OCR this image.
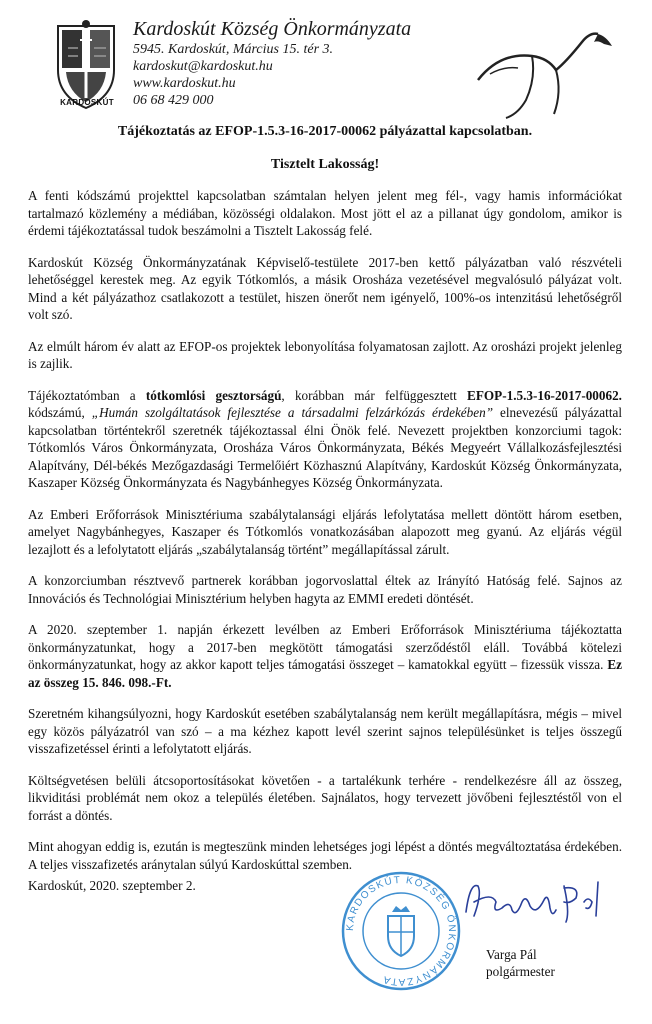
KARDOSKÚT
Kardoskút Község Önkormányzata
5945. Kardoskút, Március 15. tér 3.
kardoskut@kardoskut.hu
www.kardoskut.hu
06 68 429 000
Tájékoztatás az EFOP-1.5.3-16-2017-00062 pályázattal kapcsolatban.
Tisztelt Lakosság!

A fenti kódszámú projekttel kapcsolatban számtalan helyen jelent meg fél-, vagy hamis információkat tartalmazó közlemény a médiában, közösségi oldalakon. Most jött el az a pillanat úgy gondolom, amikor is érdemi tájékoztatással tudok beszámolni a Tisztelt Lakosság felé.

Kardoskút Község Önkormányzatának Képviselő-testülete 2017-ben kettő pályázatban való részvételi lehetőséggel kerestek meg. Az egyik Tótkomlós, a másik Orosháza vezetésével megvalósuló pályázat volt. Mind a két pályázathoz csatlakozott a testület, hiszen önerőt nem igényelő, 100%-os intenzitású lehetőségről volt szó.

Az elmúlt három év alatt az EFOP-os projektek lebonyolítása folyamatosan zajlott. Az orosházi projekt jelenleg is zajlik.

Tájékoztatómban a tótkomlósi gesztorságú, korábban már felfüggesztett EFOP-1.5.3-16-2017-00062. kódszámú, „Humán szolgáltatások fejlesztése a társadalmi felzárkózás érdekében” elnevezésű pályázattal kapcsolatban történtekről szeretnék tájékoztassal élni Önök felé. Nevezett projektben konzorciumi tagok: Tótkomlós Város Önkormányzata, Orosháza Város Önkormányzata, Békés Megyeért Vállalkozásfejlesztési Alapítvány, Dél-békés Mezőgazdasági Termelőiért Közhasznú Alapítvány, Kardoskút Község Önkormányzata, Kaszaper Község Önkormányzata és Nagybánhegyes Község Önkormányzata.

Az Emberi Erőforrások Minisztériuma szabálytalansági eljárás lefolytatása mellett döntött három esetben, amelyet Nagybánhegyes, Kaszaper és Tótkomlós vonatkozásában alapozott meg gyanú. Az eljárás végül lezajlott és a lefolytatott eljárás „szabálytalanság történt” megállapítással zárult.

A konzorciumban résztvevő partnerek korábban jogorvoslattal éltek az Irányító Hatóság felé. Sajnos az Innovációs és Technológiai Minisztérium helyben hagyta az EMMI eredeti döntését.

A 2020. szeptember 1. napján érkezett levélben az Emberi Erőforrások Minisztériuma tájékoztatta önkormányzatunkat, hogy a 2017-ben megkötött támogatási szerződéstől eláll. Továbbá kötelezi önkormányzatunkat, hogy az akkor kapott teljes támogatási összeget – kamatokkal együtt – fizessük vissza. Ez az összeg 15. 846. 098.-Ft.

Szeretném kihangsúlyozni, hogy Kardoskút esetében szabálytalanság nem került megállapításra, mégis – mivel egy közös pályázatról van szó – a ma kézhez kapott levél szerint sajnos településünket is teljes összegű visszafizetéssel érinti a lefolytatott eljárás.

Költségvetésen belüli átcsoportosításokat követően - a tartalékunk terhére - rendelkezésre áll az összeg, likviditási problémát nem okoz a település életében. Sajnálatos, hogy tervezett jövőbeni fejlesztéstől von el forrást a döntés.

Mint ahogyan eddig is, ezután is megteszünk minden lehetséges jogi lépést a döntés megváltoztatása érdekében. A teljes visszafizetés aránytalan súlyú Kardoskúttal szemben.

Kardoskút, 2020. szeptember 2.
KARDOSKÚT KÖZSÉG ÖNKORMÁNYZATA
Varga Pál
polgármester
